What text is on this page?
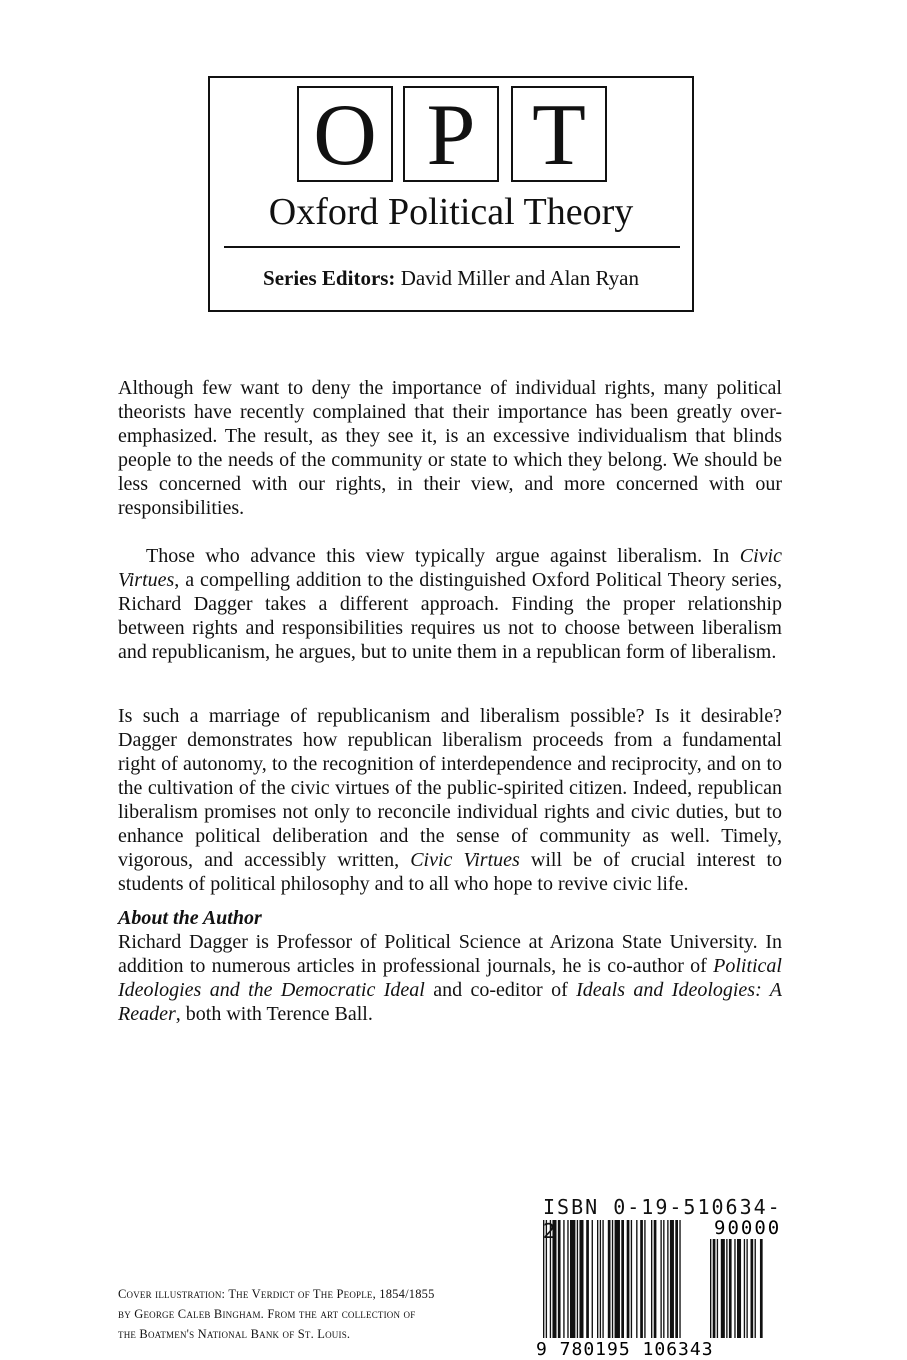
O P T
Oxford Political Theory
Series Editors: David Miller and Alan Ryan

Although few want to deny the importance of individual rights, many political theorists have recently complained that their importance has been greatly over-emphasized. The result, as they see it, is an excessive individualism that blinds people to the needs of the community or state to which they belong. We should be less concerned with our rights, in their view, and more concerned with our responsibilities.

Those who advance this view typically argue against liberalism. In Civic Virtues, a compelling addition to the distinguished Oxford Political Theory series, Richard Dagger takes a different approach. Finding the proper relationship between rights and responsibilities requires us not to choose between liberalism and republicanism, he argues, but to unite them in a republican form of liberalism.

Is such a marriage of republicanism and liberalism possible? Is it desirable? Dagger demonstrates how republican liberalism proceeds from a fundamental right of autonomy, to the recognition of interdependence and reciprocity, and on to the cultivation of the civic virtues of the public-spirited citizen. Indeed, republican liberalism promises not only to reconcile individual rights and civic duties, but to enhance political deliberation and the sense of community as well. Timely, vigorous, and accessibly written, Civic Virtues will be of crucial interest to students of political philosophy and to all who hope to revive civic life.

About the Author

Richard Dagger is Professor of Political Science at Arizona State University. In addition to numerous articles in professional journals, he is co-author of Political Ideologies and the Democratic Ideal and co-editor of Ideals and Ideologies: A Reader, both with Terence Ball.

Cover illustration: The Verdict of The People, 1854/1855
by George Caleb Bingham. From the art collection of
the Boatmen's National Bank of St. Louis.
ISBN 0-19-510634-2	90000
9 780195 106343
